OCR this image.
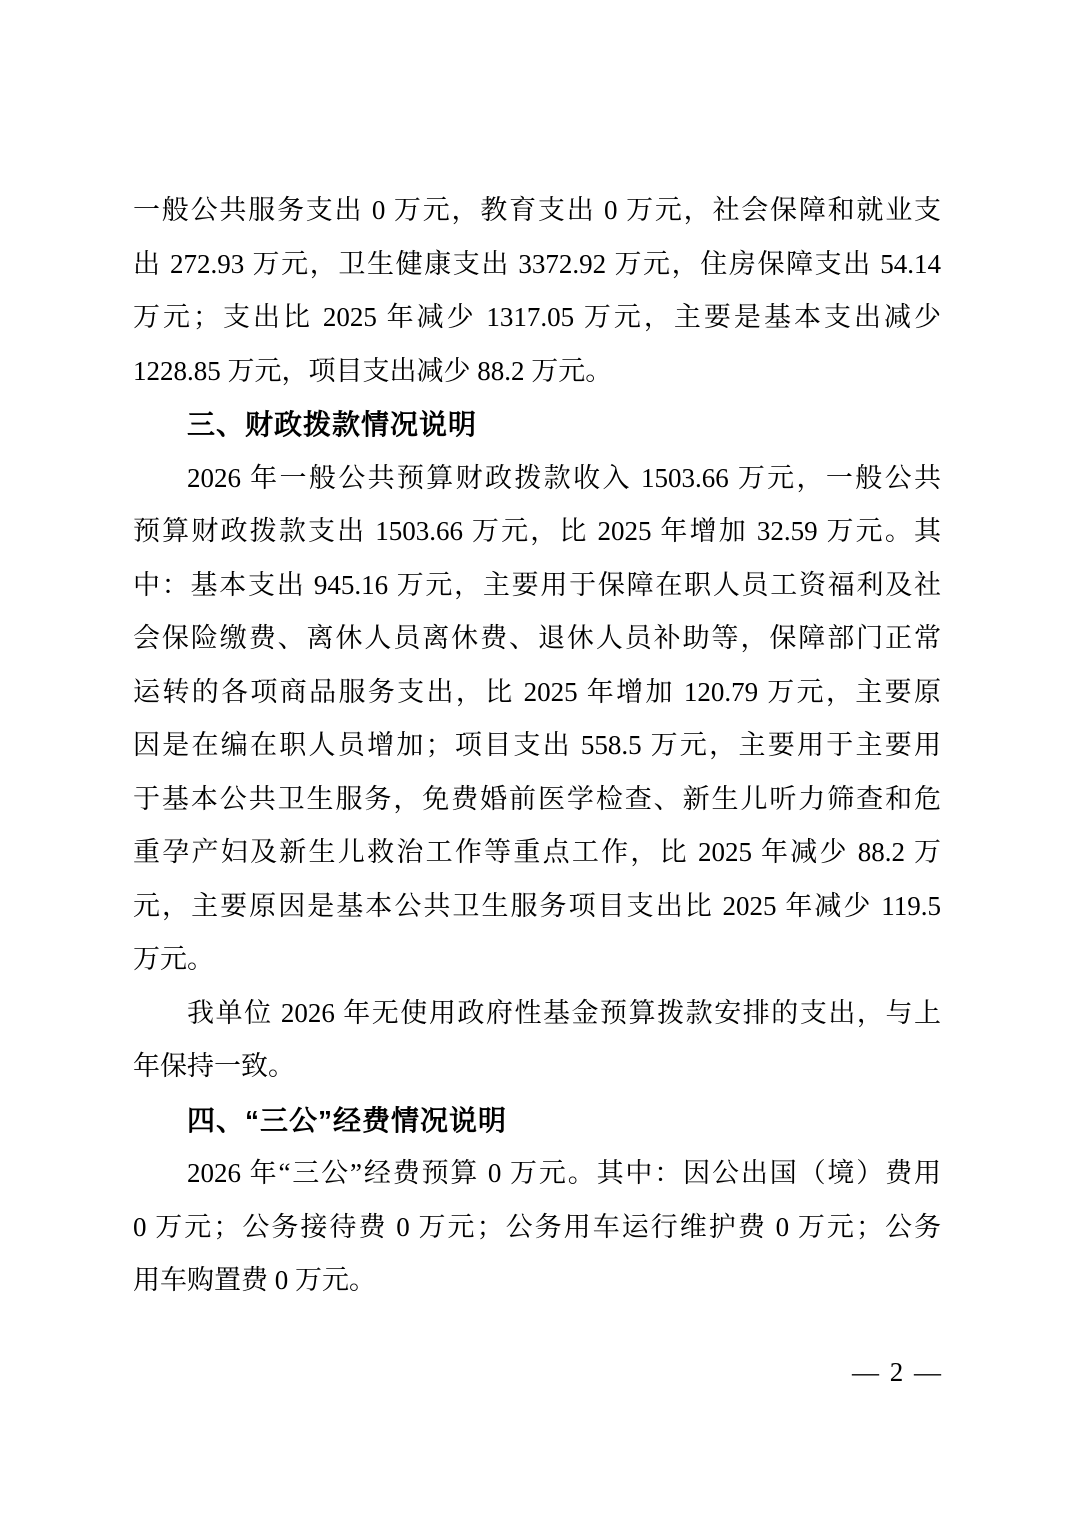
一般公共服务支出 0 万元，教育支出 0 万元，社会保障和就业支
出 272.93 万元，卫生健康支出 3372.92 万元，住房保障支出 54.14
万元；支出比 2025 年减少 1317.05 万元，主要是基本支出减少
1228.85 万元，项目支出减少 88.2 万元。
三、财政拨款情况说明
2026 年一般公共预算财政拨款收入 1503.66 万元，一般公共
预算财政拨款支出 1503.66 万元，比 2025 年增加 32.59 万元。其
中：基本支出 945.16 万元，主要用于保障在职人员工资福利及社
会保险缴费、离休人员离休费、退休人员补助等，保障部门正常
运转的各项商品服务支出，比 2025 年增加 120.79 万元，主要原
因是在编在职人员增加；项目支出 558.5 万元，主要用于主要用
于基本公共卫生服务，免费婚前医学检查、新生儿听力筛查和危
重孕产妇及新生儿救治工作等重点工作，比 2025 年减少 88.2 万
元，主要原因是基本公共卫生服务项目支出比 2025 年减少 119.5
万元。
我单位 2026 年无使用政府性基金预算拨款安排的支出，与上
年保持一致。
四、“三公”经费情况说明
2026 年“三公”经费预算 0 万元。其中：因公出国（境）费用
0 万元；公务接待费 0 万元；公务用车运行维护费 0 万元；公务
用车购置费 0 万元。
— 2 —
